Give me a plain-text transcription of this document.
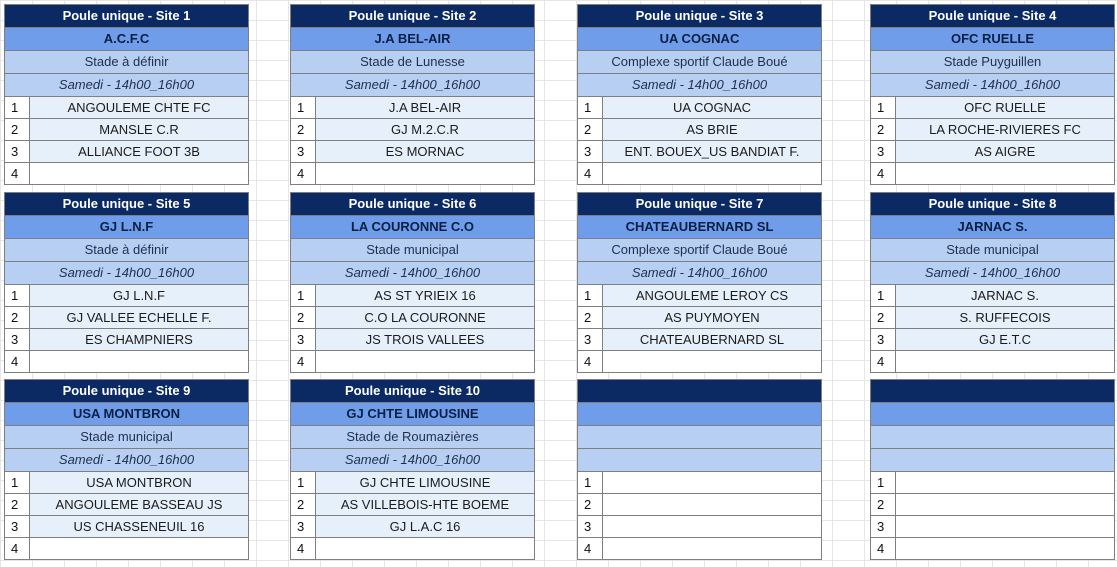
Poule unique - Site 1
A.C.F.C
Stade à définir
Samedi - 14h00_16h00
1	ANGOULEME CHTE FC
2	MANSLE C.R
3	ALLIANCE FOOT 3B
4
Poule unique - Site 2
J.A BEL-AIR
Stade de Lunesse
Samedi - 14h00_16h00
1	J.A BEL-AIR
2	GJ M.2.C.R
3	ES MORNAC
4
Poule unique - Site 3
UA COGNAC
Complexe sportif Claude Boué
Samedi - 14h00_16h00
1	UA COGNAC
2	AS BRIE
3	ENT. BOUEX_US BANDIAT F.
4
Poule unique - Site 4
OFC RUELLE
Stade Puyguillen
Samedi - 14h00_16h00
1	OFC RUELLE
2	LA ROCHE-RIVIERES FC
3	AS AIGRE
4
Poule unique - Site 5
GJ L.N.F
Stade à définir
Samedi - 14h00_16h00
1	GJ L.N.F
2	GJ VALLEE ECHELLE F.
3	ES CHAMPNIERS
4
Poule unique - Site 6
LA COURONNE C.O
Stade municipal
Samedi - 14h00_16h00
1	AS ST YRIEIX 16
2	C.O LA COURONNE
3	JS TROIS VALLEES
4
Poule unique - Site 7
CHATEAUBERNARD SL
Complexe sportif Claude Boué
Samedi - 14h00_16h00
1	ANGOULEME LEROY CS
2	AS PUYMOYEN
3	CHATEAUBERNARD SL
4
Poule unique - Site 8
JARNAC S.
Stade municipal
Samedi - 14h00_16h00
1	JARNAC S.
2	S. RUFFECOIS
3	GJ E.T.C
4
Poule unique - Site 9
USA MONTBRON
Stade municipal
Samedi - 14h00_16h00
1	USA MONTBRON
2	ANGOULEME BASSEAU JS
3	US CHASSENEUIL 16
4
Poule unique - Site 10
GJ CHTE LIMOUSINE
Stade de Roumazières
Samedi - 14h00_16h00
1	GJ CHTE LIMOUSINE
2	AS VILLEBOIS-HTE BOEME
3	GJ L.A.C 16
4
1
2
3
4
1
2
3
4
